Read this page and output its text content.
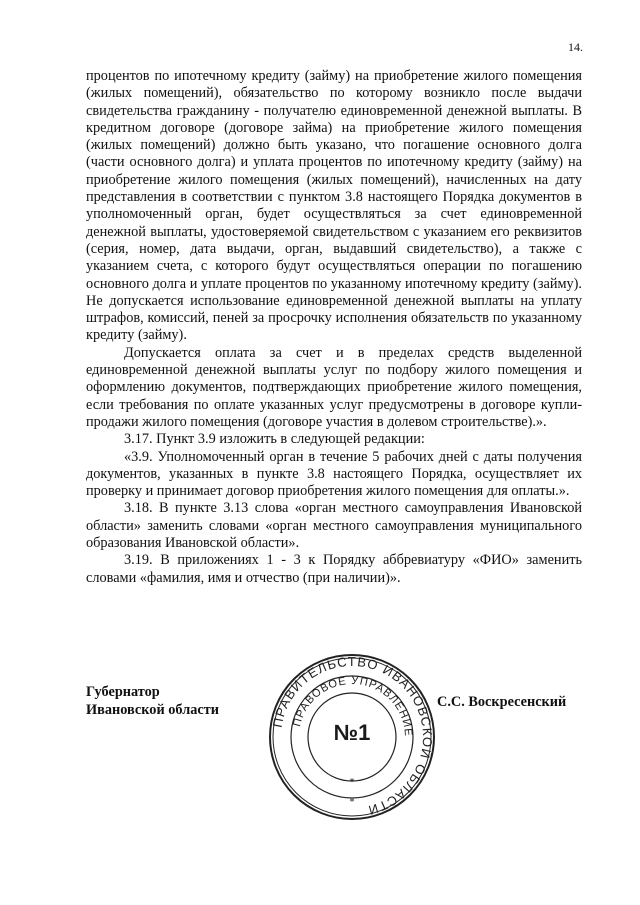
14.

процентов по ипотечному кредиту (займу) на приобретение жилого помещения (жилых помещений), обязательство по которому возникло после выдачи свидетельства гражданину - получателю единовременной денежной выплаты. В кредитном договоре (договоре займа) на приобретение жилого помещения (жилых помещений) должно быть указано, что погашение основного долга (части основного долга) и уплата процентов по ипотечному кредиту (займу) на приобретение жилого помещения (жилых помещений), начисленных на дату представления в соответствии с пунктом 3.8 настоящего Порядка документов в уполномоченный орган, будет осуществляться за счет единовременной денежной выплаты, удостоверяемой свидетельством с указанием его реквизитов (серия, номер, дата выдачи, орган, выдавший свидетельство), а также с указанием счета, с которого будут осуществляться операции по погашению основного долга и уплате процентов по указанному ипотечному кредиту (займу). Не допускается использование единовременной денежной выплаты на уплату штрафов, комиссий, пеней за просрочку исполнения обязательств по указанному кредиту (займу).

Допускается оплата за счет и в пределах средств выделенной единовременной денежной выплаты услуг по подбору жилого помещения и оформлению документов, подтверждающих приобретение жилого помещения, если требования по оплате указанных услуг предусмотрены в договоре купли-продажи жилого помещения (договоре участия в долевом строительстве).».

3.17. Пункт 3.9 изложить в следующей редакции:

«3.9. Уполномоченный орган в течение 5 рабочих дней с даты получения документов, указанных в пункте 3.8 настоящего Порядка, осуществляет их проверку и принимает договор приобретения жилого помещения для оплаты.».

3.18. В пункте 3.13 слова «орган местного самоуправления Ивановской области» заменить словами «орган местного самоуправления муниципального образования Ивановской области».

3.19. В приложениях 1 - 3 к Порядку аббревиатуру «ФИО» заменить словами «фамилия, имя и отчество (при наличии)».

Губернатор
Ивановской области
ПРАВИТЕЛЬСТВО ИВАНОВСКОЙ ОБЛАСТИ
ПРАВОВОЕ УПРАВЛЕНИЕ
*
*
№1
С.С. Воскресенский
